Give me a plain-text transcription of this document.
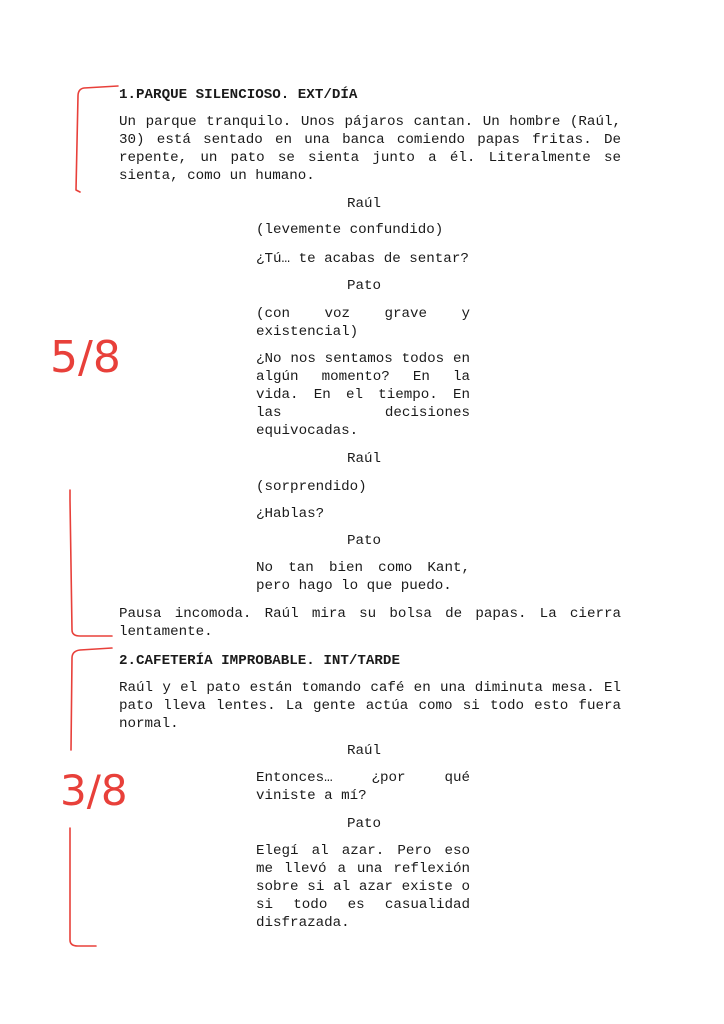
1.PARQUE SILENCIOSO. EXT/DÍA

Un parque tranquilo. Unos pájaros cantan. Un hombre (Raúl, 30) está sentado en una banca comiendo papas fritas. De repente, un pato se sienta junto a él. Literalmente se sienta, como un humano.

Raúl

(levemente confundido)

¿Tú… te acabas de sentar?

Pato

(con voz grave y

existencial)

¿No nos sentamos todos en algún momento? En la vida. En el tiempo. En las decisiones equivocadas.

Raúl

(sorprendido)

¿Hablas?

Pato

No tan bien como Kant, pero hago lo que puedo.

Pausa incomoda. Raúl mira su bolsa de papas. La cierra lentamente.

2.CAFETERÍA IMPROBABLE. INT/TARDE

Raúl y el pato están tomando café en una diminuta mesa. El pato lleva lentes. La gente actúa como si todo esto fuera normal.

Raúl

Entonces… ¿por qué viniste a mí?

Pato

Elegí al azar. Pero eso me llevó a una reflexión sobre si al azar existe o si todo es casualidad disfrazada.

5/8
3/8
